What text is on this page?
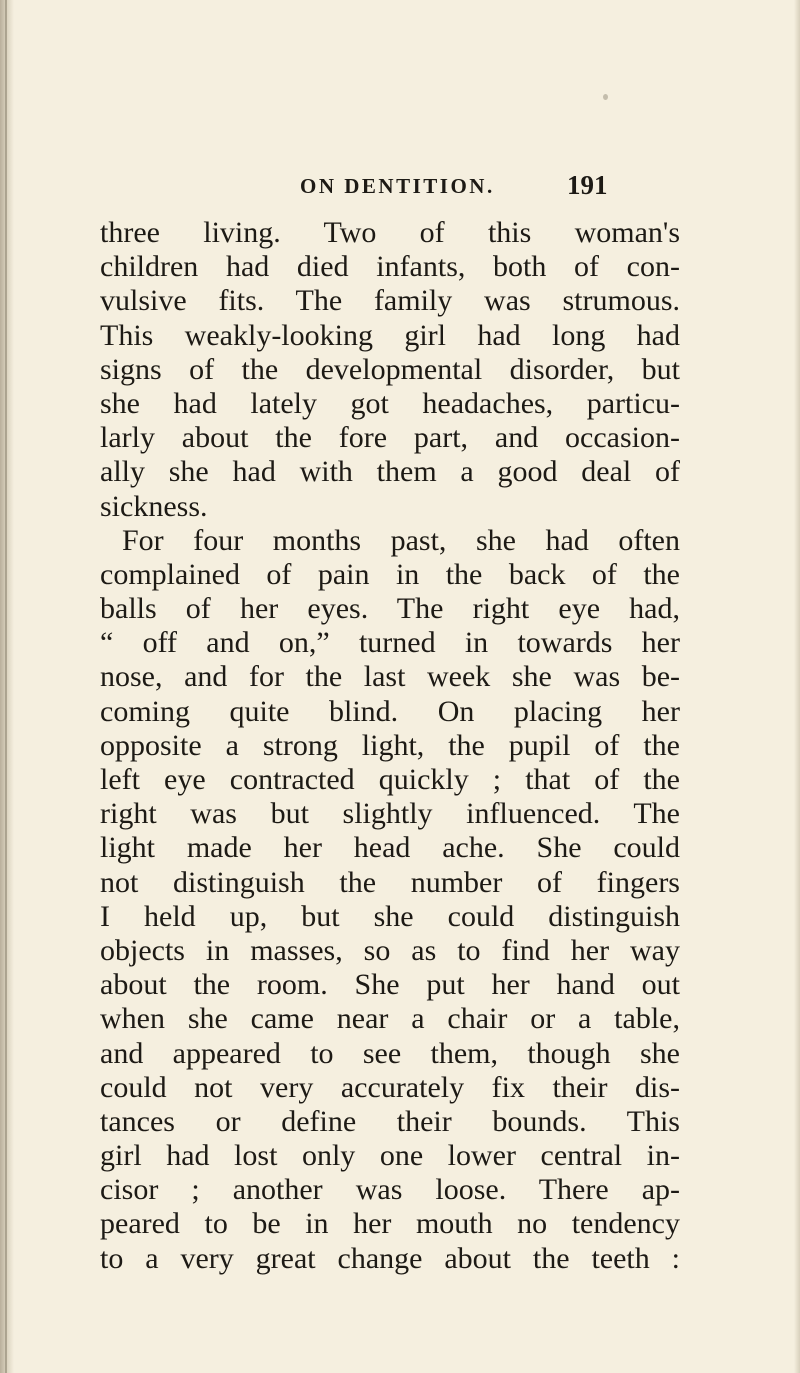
ON DENTITION.	191
three living. Two of this woman's
children had died infants, both of con-
vulsive fits. The family was strumous.
This weakly-looking girl had long had
signs of the developmental disorder, but
she had lately got headaches, particu-
larly about the fore part, and occasion-
ally she had with them a good deal of
sickness.
For four months past, she had often
complained of pain in the back of the
balls of her eyes. The right eye had,
“ off and on,” turned in towards her
nose, and for the last week she was be-
coming quite blind. On placing her
opposite a strong light, the pupil of the
left eye contracted quickly ; that of the
right was but slightly influenced. The
light made her head ache. She could
not distinguish the number of fingers
I held up, but she could distinguish
objects in masses, so as to find her way
about the room. She put her hand out
when she came near a chair or a table,
and appeared to see them, though she
could not very accurately fix their dis-
tances or define their bounds. This
girl had lost only one lower central in-
cisor ; another was loose. There ap-
peared to be in her mouth no tendency
to a very great change about the teeth :
